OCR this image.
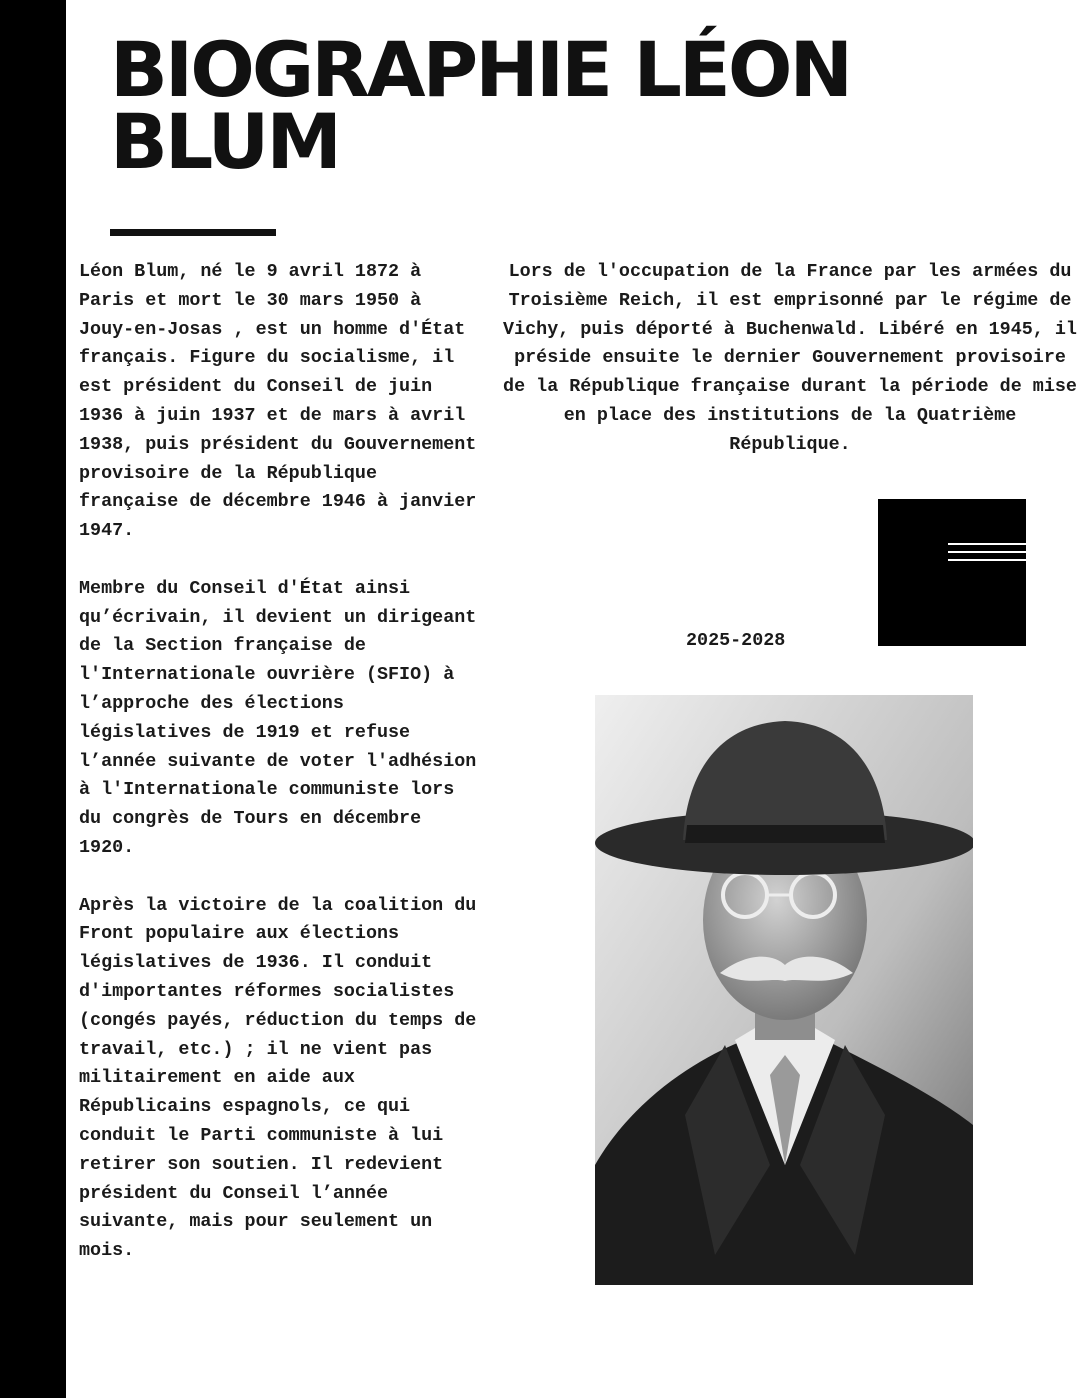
BIOGRAPHIE LÉON
BLUM

Léon Blum, né le 9 avril 1872 à Paris et mort le 30 mars 1950 à Jouy-en-Josas , est un homme d'État français. Figure du socialisme, il est président du Conseil de juin 1936 à juin 1937 et de mars à avril 1938, puis président du Gouvernement provisoire de la République française de décembre 1946 à janvier 1947.

Membre du Conseil d'État ainsi qu’écrivain, il devient un dirigeant de la Section française de l'Internationale ouvrière (SFIO) à l’approche des élections législatives de 1919 et refuse l’année suivante de voter l'adhésion à l'Internationale communiste lors du congrès de Tours en décembre 1920.

Après la victoire de la coalition du Front populaire aux élections législatives de 1936. Il conduit d'importantes réformes socialistes (congés payés, réduction du temps de travail, etc.) ; il ne vient pas militairement en aide aux Républicains espagnols, ce qui conduit le Parti communiste à lui retirer son soutien. Il redevient président du Conseil l’année suivante, mais pour seulement un mois.

Lors de l'occupation de la France par les armées du Troisième Reich, il est emprisonné par le régime de Vichy, puis déporté à Buchenwald. Libéré en 1945, il préside ensuite le dernier Gouvernement provisoire de la République française durant la période de mise en place des institutions de la Quatrième République.

2025-2028
